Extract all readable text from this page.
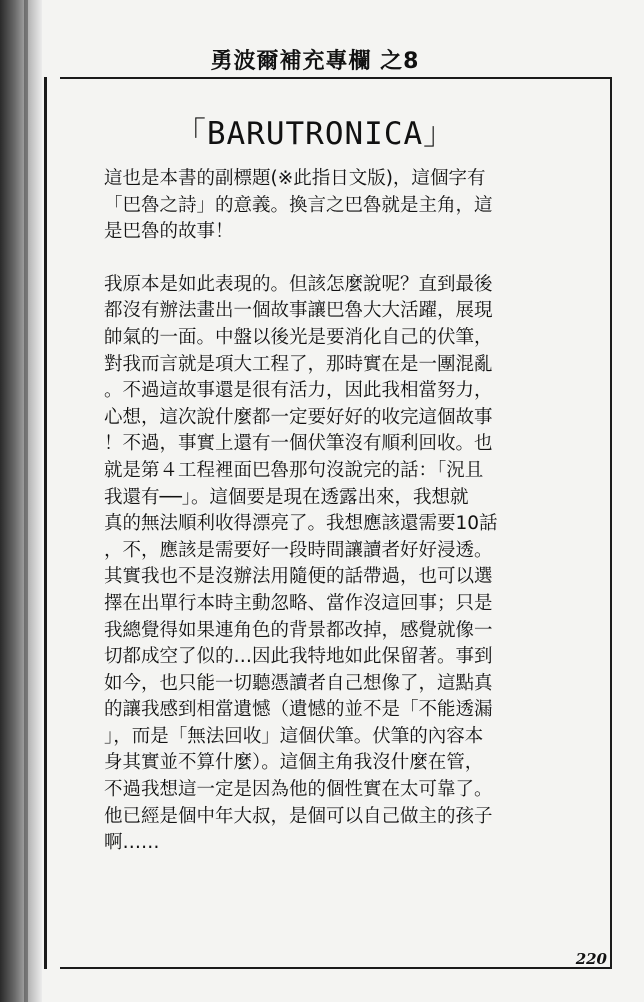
勇波爾補充專欄 之8
「BARUTRONICA」
這也是本書的副標題(※此指日文版)，這個字有
「巴魯之詩」的意義。換言之巴魯就是主角，這
是巴魯的故事！
我原本是如此表現的。但該怎麼說呢？直到最後
都沒有辦法畫出一個故事讓巴魯大大活躍，展現
帥氣的一面。中盤以後光是要消化自己的伏筆，
對我而言就是項大工程了，那時實在是一團混亂
。不過這故事還是很有活力，因此我相當努力，
心想，這次說什麼都一定要好好的收完這個故事
！不過，事實上還有一個伏筆沒有順利回收。也
就是第４工程裡面巴魯那句沒說完的話：「況且
我還有──」。這個要是現在透露出來，我想就
真的無法順利收得漂亮了。我想應該還需要10話
，不，應該是需要好一段時間讓讀者好好浸透。
其實我也不是沒辦法用隨便的話帶過，也可以選
擇在出單行本時主動忽略、當作沒這回事；只是
我總覺得如果連角色的背景都改掉，感覺就像一
切都成空了似的…因此我特地如此保留著。事到
如今，也只能一切聽憑讀者自己想像了，這點真
的讓我感到相當遺憾（遺憾的並不是「不能透漏
」，而是「無法回收」這個伏筆。伏筆的內容本
身其實並不算什麼）。這個主角我沒什麼在管，
不過我想這一定是因為他的個性實在太可靠了。
他已經是個中年大叔，是個可以自己做主的孩子
啊……
220
